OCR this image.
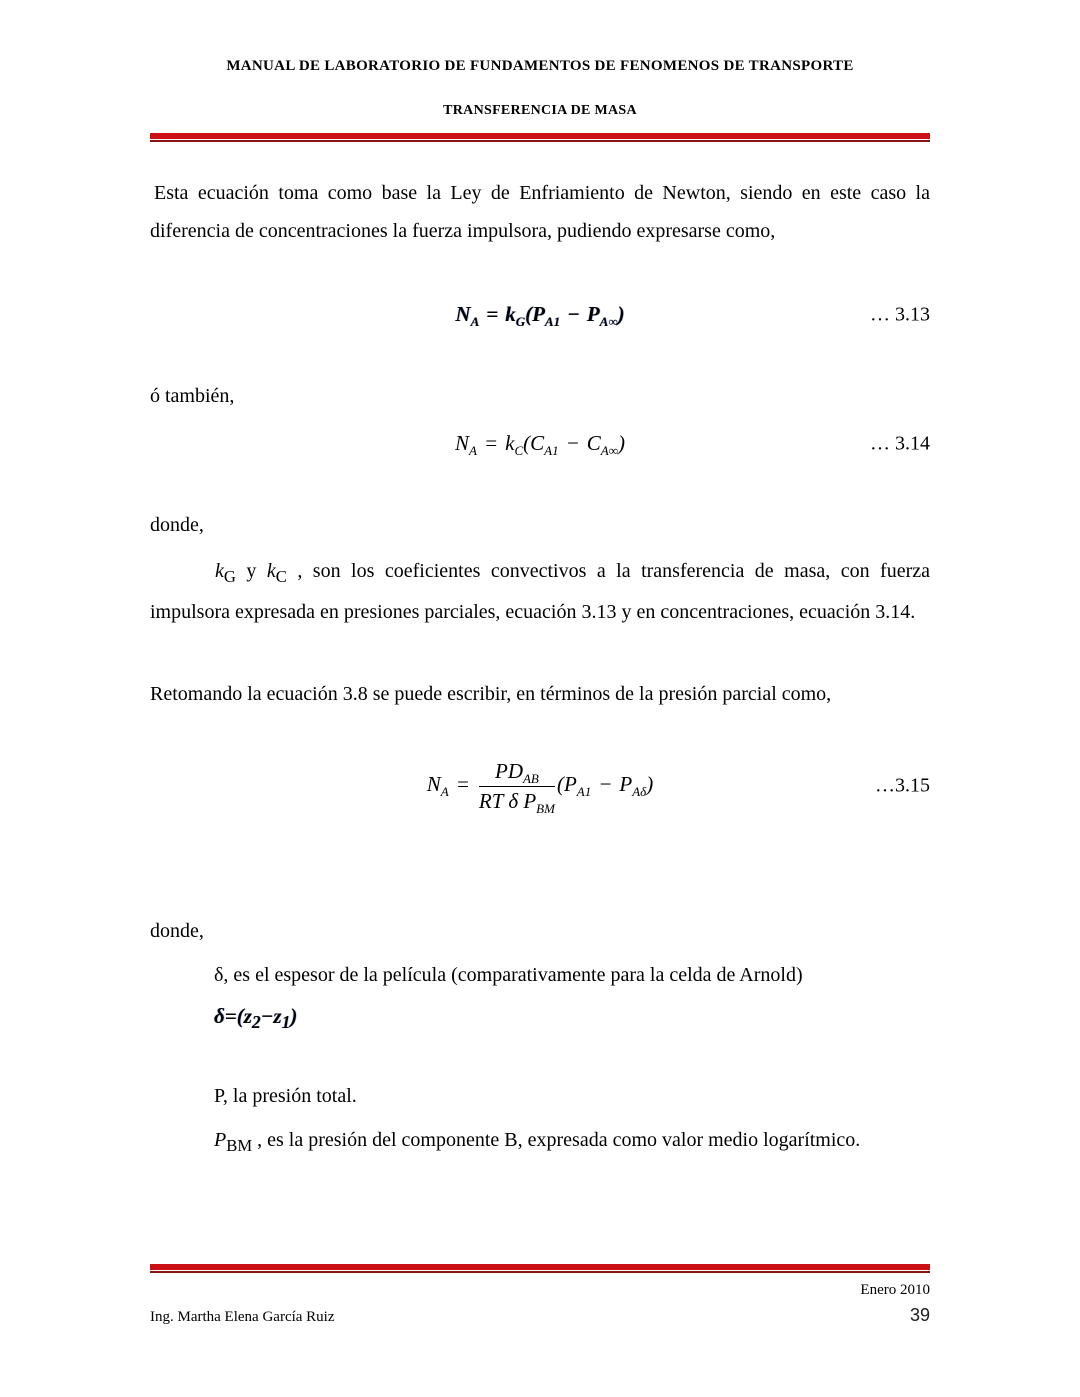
MANUAL DE LABORATORIO DE FUNDAMENTOS DE FENOMENOS DE TRANSPORTE
TRANSFERENCIA DE MASA

Esta ecuación toma como base la Ley de Enfriamiento de Newton, siendo en este caso la diferencia de concentraciones la fuerza impulsora, pudiendo expresarse como,

$N_A = k_G(P_{A1} - P_{A\infty})$	… 3.13

ó también,

$N_A = k_C(C_{A1} - C_{A\infty})$	… 3.14

donde,

$k_G$ y $k_C$ , son los coeficientes convectivos a la transferencia de masa, con fuerza impulsora expresada en presiones parciales, ecuación 3.13 y en concentraciones, ecuación 3.14.

Retomando la ecuación 3.8 se puede escribir, en términos de la presión parcial como,

$N_A = \frac{PD_{AB}}{RT \delta P_{BM}} (P_{A1} - P_{A\delta})$	…3.15

donde,

δ, es el espesor de la película (comparativamente para la celda de Arnold)

$\delta=(z_2-z_1)$

P, la presión total.

$P_{BM}$ , es la presión del componente B, expresada como valor medio logarítmico.

Enero 2010
Ing. Martha Elena García Ruiz	39
